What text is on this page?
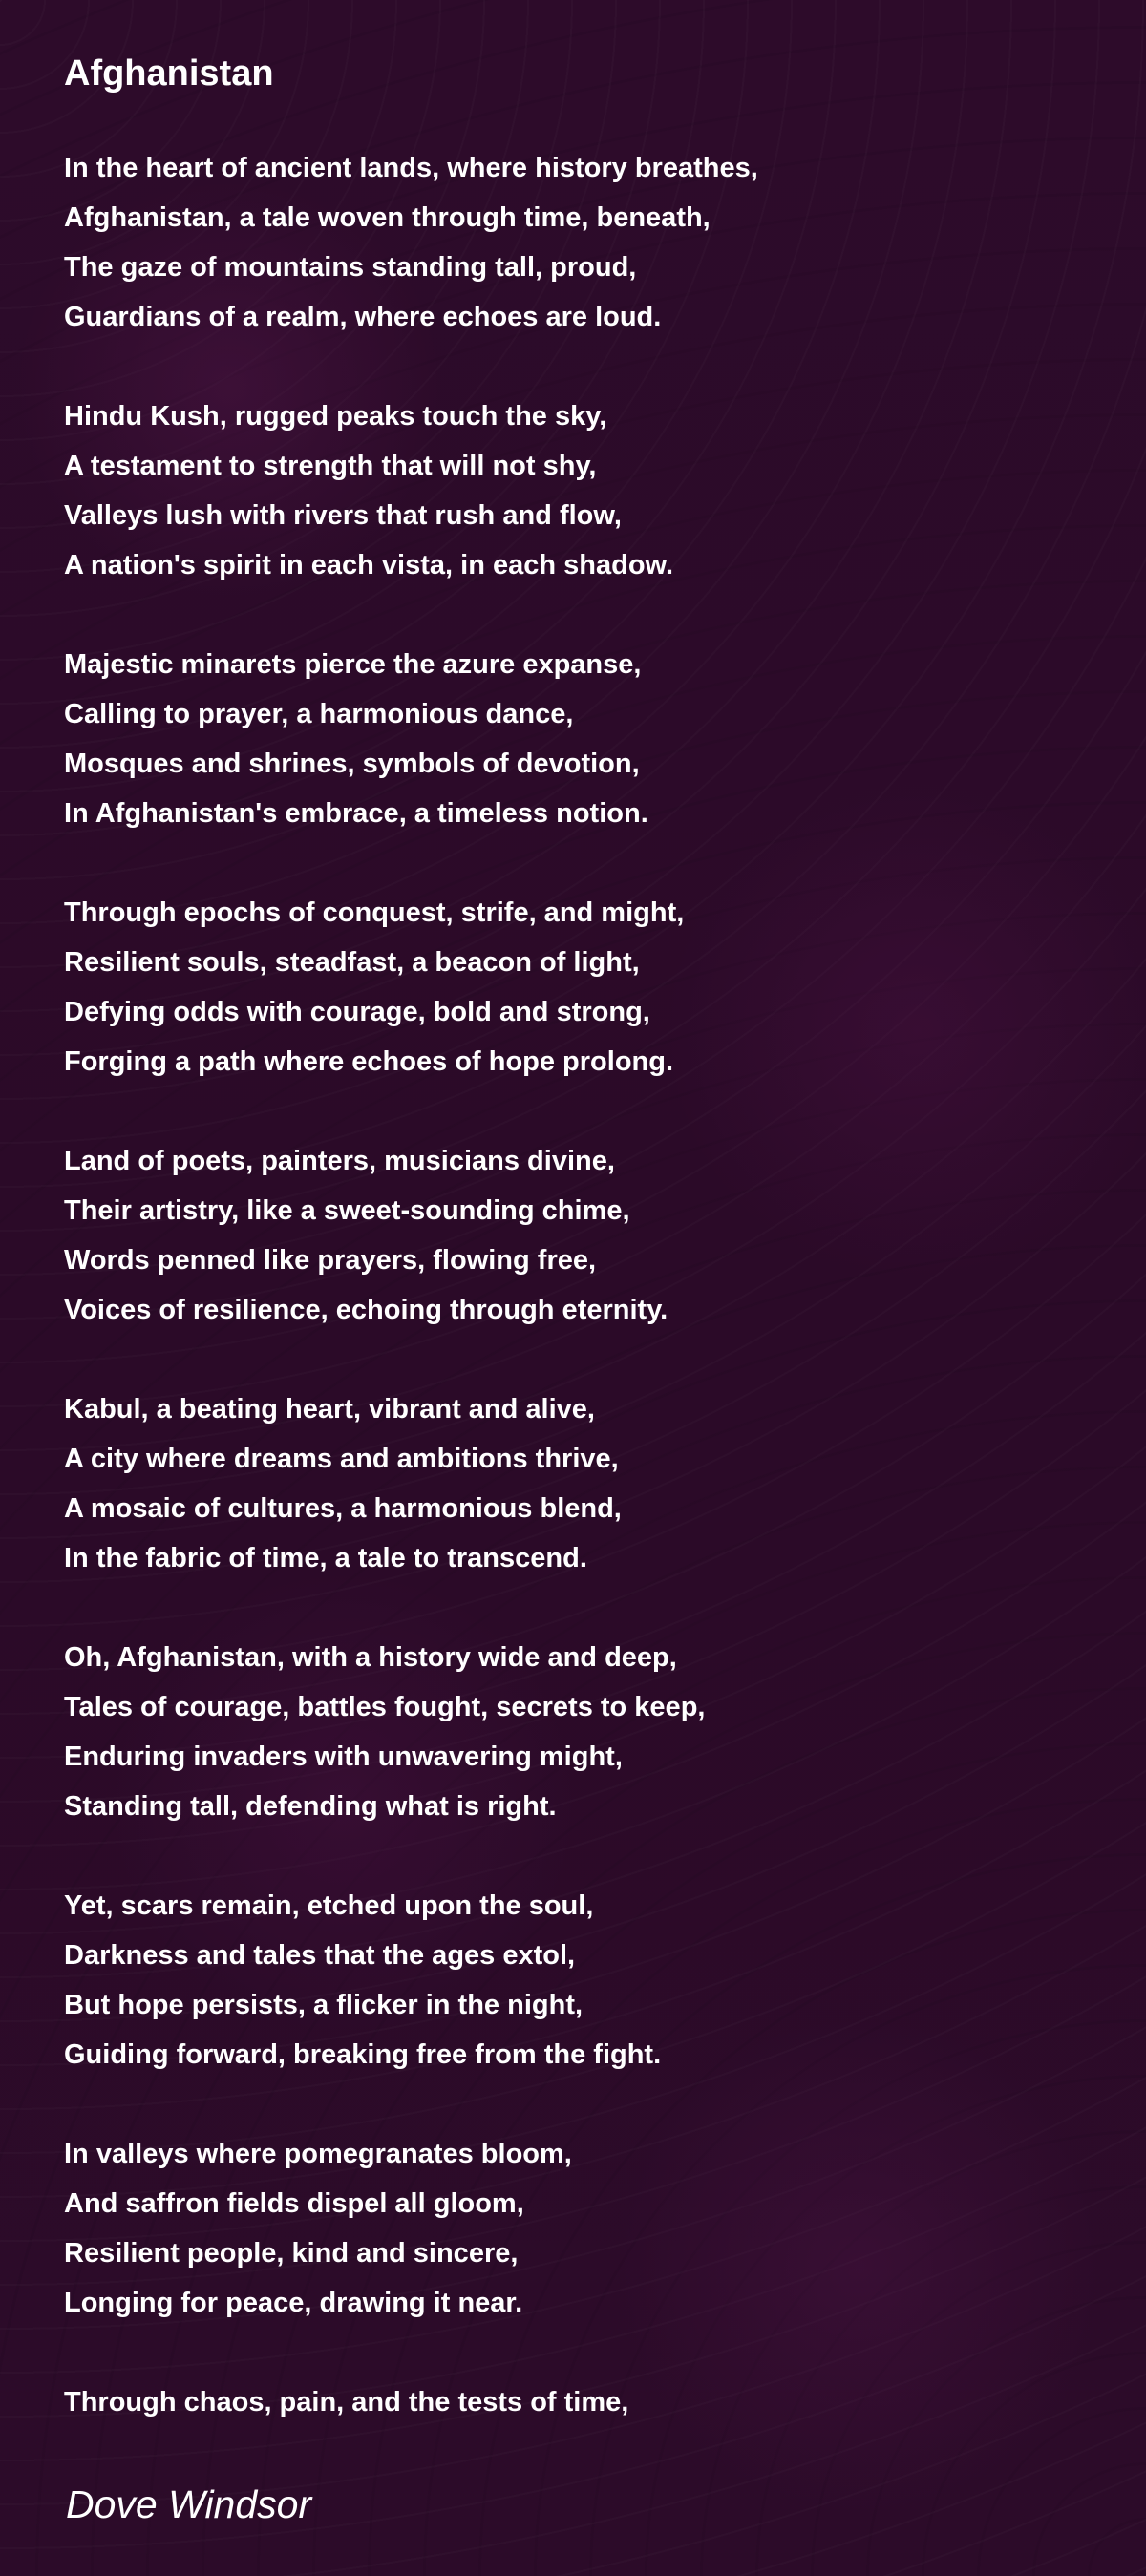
Afghanistan
In the heart of ancient lands, where history breathes,
Afghanistan, a tale woven through time, beneath,
The gaze of mountains standing tall, proud,
Guardians of a realm, where echoes are loud.
Hindu Kush, rugged peaks touch the sky,
A testament to strength that will not shy,
Valleys lush with rivers that rush and flow,
A nation's spirit in each vista, in each shadow.
Majestic minarets pierce the azure expanse,
Calling to prayer, a harmonious dance,
Mosques and shrines, symbols of devotion,
In Afghanistan's embrace, a timeless notion.
Through epochs of conquest, strife, and might,
Resilient souls, steadfast, a beacon of light,
Defying odds with courage, bold and strong,
Forging a path where echoes of hope prolong.
Land of poets, painters, musicians divine,
Their artistry, like a sweet-sounding chime,
Words penned like prayers, flowing free,
Voices of resilience, echoing through eternity.
Kabul, a beating heart, vibrant and alive,
A city where dreams and ambitions thrive,
A mosaic of cultures, a harmonious blend,
In the fabric of time, a tale to transcend.
Oh, Afghanistan, with a history wide and deep,
Tales of courage, battles fought, secrets to keep,
Enduring invaders with unwavering might,
Standing tall, defending what is right.
Yet, scars remain, etched upon the soul,
Darkness and tales that the ages extol,
But hope persists, a flicker in the night,
Guiding forward, breaking free from the fight.
In valleys where pomegranates bloom,
And saffron fields dispel all gloom,
Resilient people, kind and sincere,
Longing for peace, drawing it near.
Through chaos, pain, and the tests of time,
Dove Windsor
